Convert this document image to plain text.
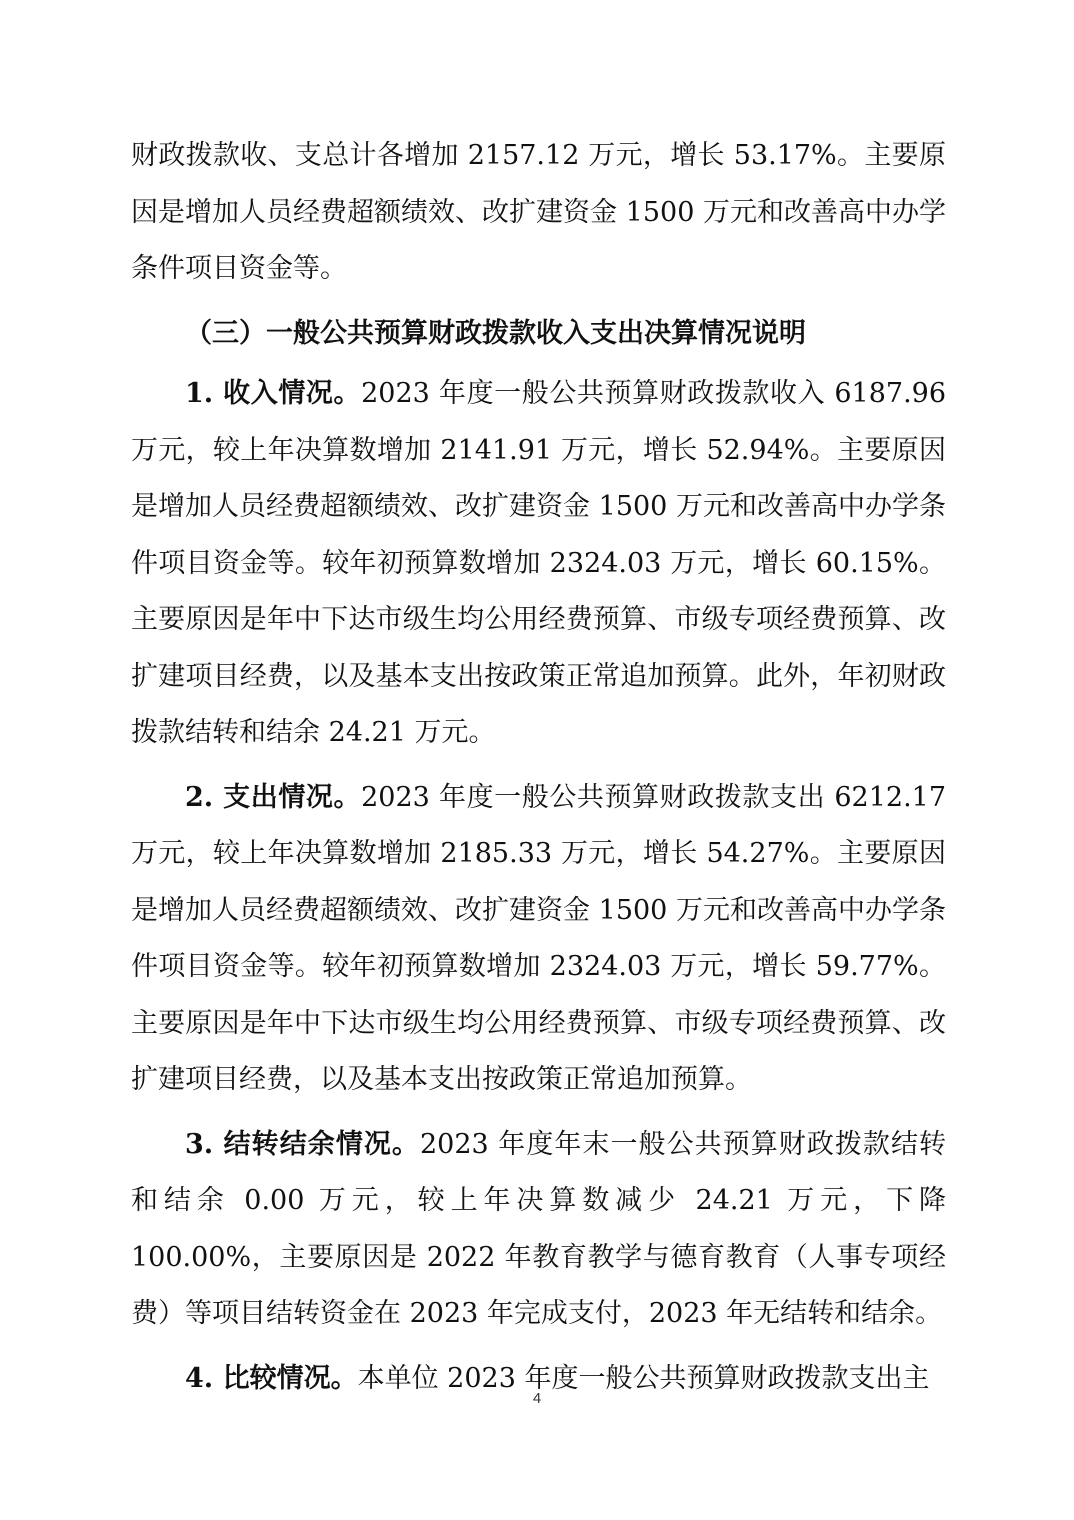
财政拨款收、支总计各增加 2157.12 万元，增长 53.17%。主要原因是增加人员经费超额绩效、改扩建资金 1500 万元和改善高中办学条件项目资金等。

（三）一般公共预算财政拨款收入支出决算情况说明

1. 收入情况。2023 年度一般公共预算财政拨款收入 6187.96 万元，较上年决算数增加 2141.91 万元，增长 52.94%。主要原因是增加人员经费超额绩效、改扩建资金 1500 万元和改善高中办学条件项目资金等。较年初预算数增加 2324.03 万元，增长 60.15%。主要原因是年中下达市级生均公用经费预算、市级专项经费预算、改扩建项目经费，以及基本支出按政策正常追加预算。此外，年初财政拨款结转和结余 24.21 万元。

2. 支出情况。2023 年度一般公共预算财政拨款支出 6212.17 万元，较上年决算数增加 2185.33 万元，增长 54.27%。主要原因是增加人员经费超额绩效、改扩建资金 1500 万元和改善高中办学条件项目资金等。较年初预算数增加 2324.03 万元，增长 59.77%。主要原因是年中下达市级生均公用经费预算、市级专项经费预算、改扩建项目经费，以及基本支出按政策正常追加预算。

3. 结转结余情况。2023 年度年末一般公共预算财政拨款结转和结余 0.00 万元，较上年决算数减少 24.21 万元，下降 100.00%，主要原因是 2022 年教育教学与德育教育（人事专项经费）等项目结转资金在 2023 年完成支付，2023 年无结转和结余。

4. 比较情况。本单位 2023 年度一般公共预算财政拨款支出主

4
